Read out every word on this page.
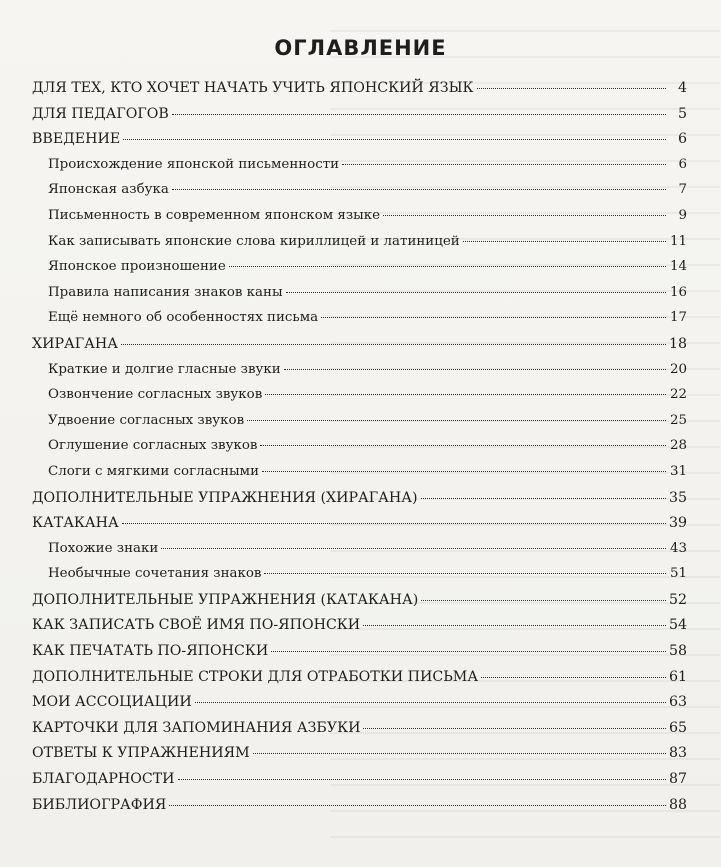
ОГЛАВЛЕНИЕ
ДЛЯ ТЕХ, КТО ХОЧЕТ НАЧАТЬ УЧИТЬ ЯПОНСКИЙ ЯЗЫК	4
ДЛЯ ПЕДАГОГОВ	5
ВВЕДЕНИЕ	6
Происхождение японской письменности	6
Японская азбука	7
Письменность в современном японском языке	9
Как записывать японские слова кириллицей и латиницей	11
Японское произношение	14
Правила написания знаков каны	16
Ещё немного об особенностях письма	17
ХИРАГАНА	18
Краткие и долгие гласные звуки	20
Озвончение согласных звуков	22
Удвоение согласных звуков	25
Оглушение согласных звуков	28
Слоги с мягкими согласными	31
ДОПОЛНИТЕЛЬНЫЕ УПРАЖНЕНИЯ (ХИРАГАНА)	35
КАТАКАНА	39
Похожие знаки	43
Необычные сочетания знаков	51
ДОПОЛНИТЕЛЬНЫЕ УПРАЖНЕНИЯ (КАТАКАНА)	52
КАК ЗАПИСАТЬ СВОЁ ИМЯ ПО-ЯПОНСКИ	54
КАК ПЕЧАТАТЬ ПО-ЯПОНСКИ	58
ДОПОЛНИТЕЛЬНЫЕ СТРОКИ ДЛЯ ОТРАБОТКИ ПИСЬМА	61
МОИ АССОЦИАЦИИ	63
КАРТОЧКИ ДЛЯ ЗАПОМИНАНИЯ АЗБУКИ	65
ОТВЕТЫ К УПРАЖНЕНИЯМ	83
БЛАГОДАРНОСТИ	87
БИБЛИОГРАФИЯ	88
